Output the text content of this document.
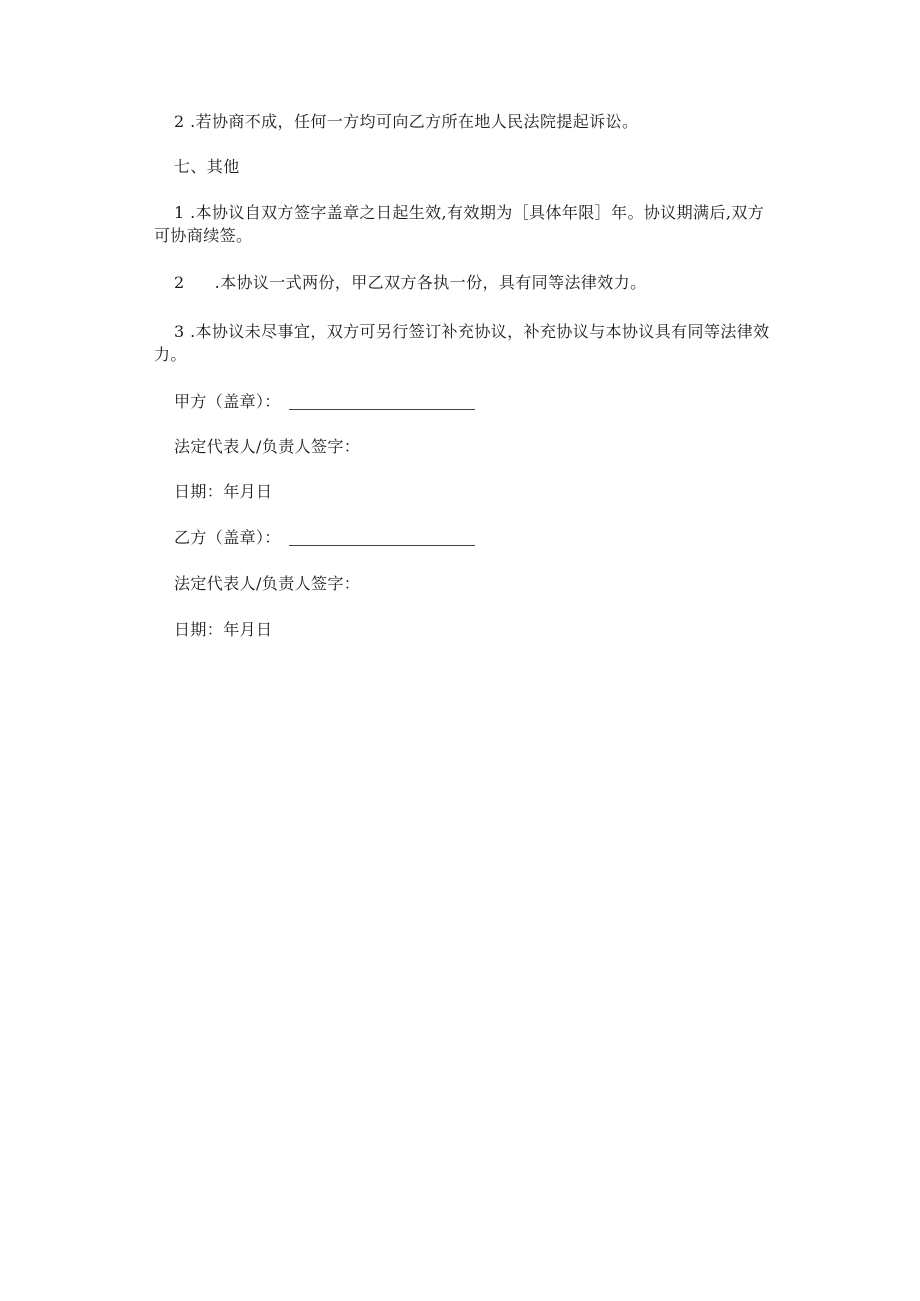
2 .若协商不成，任何一方均可向乙方所在地人民法院提起诉讼。
七、其他
1 .本协议自双方签字盖章之日起生效,有效期为［具体年限］年。协议期满后,双方可协商续签。
2 .本协议一式两份，甲乙双方各执一份，具有同等法律效力。
3 .本协议未尽事宜，双方可另行签订补充协议，补充协议与本协议具有同等法律效力。
甲方（盖章）：
法定代表人/负责人签字：
日期：年月日
乙方（盖章）：
法定代表人/负责人签字：
日期：年月日
